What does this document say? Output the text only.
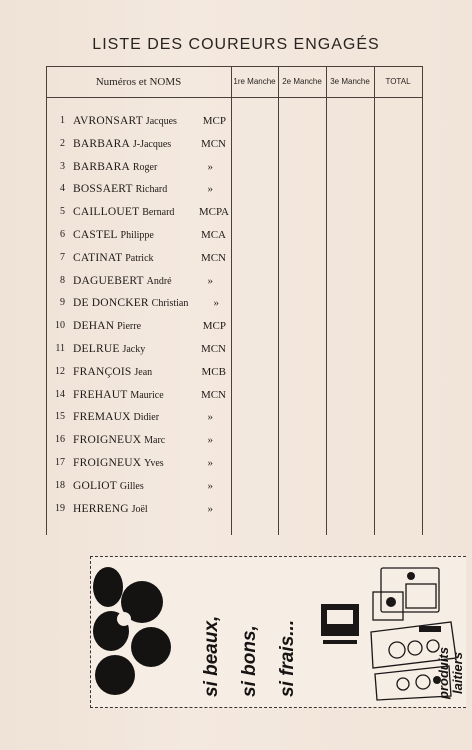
LISTE DES COUREURS ENGAGÉS
Numéros et NOMS	1re Manche 2e Manche	3e Manche	TOTAL
1 AVRONSART Jacques MCP
2 BARBARA J-Jacques	MCN
3 BARBARA Roger	»
4 BOSSAERT Richard	»
5 CAILLOUET Bernard MCPA
6 CASTEL Philippe	MCA
7 CATINAT Patrick	MCN
8 DAGUEBERT André	»
9 DE DONCKER Christian »
10 DEHAN Pierre	MCP
11 DELRUE Jacky	MCN
12 FRANÇOIS Jean	MCB
14 FREHAUT Maurice	MCN
15 FREMAUX Didier	»
16 FROIGNEUX Marc	»
17 FROIGNEUX Yves	»
18 GOLIOT Gilles	»
19 HERRENG Joël	»
si beaux, si bons, si frais...	produits laitiers
